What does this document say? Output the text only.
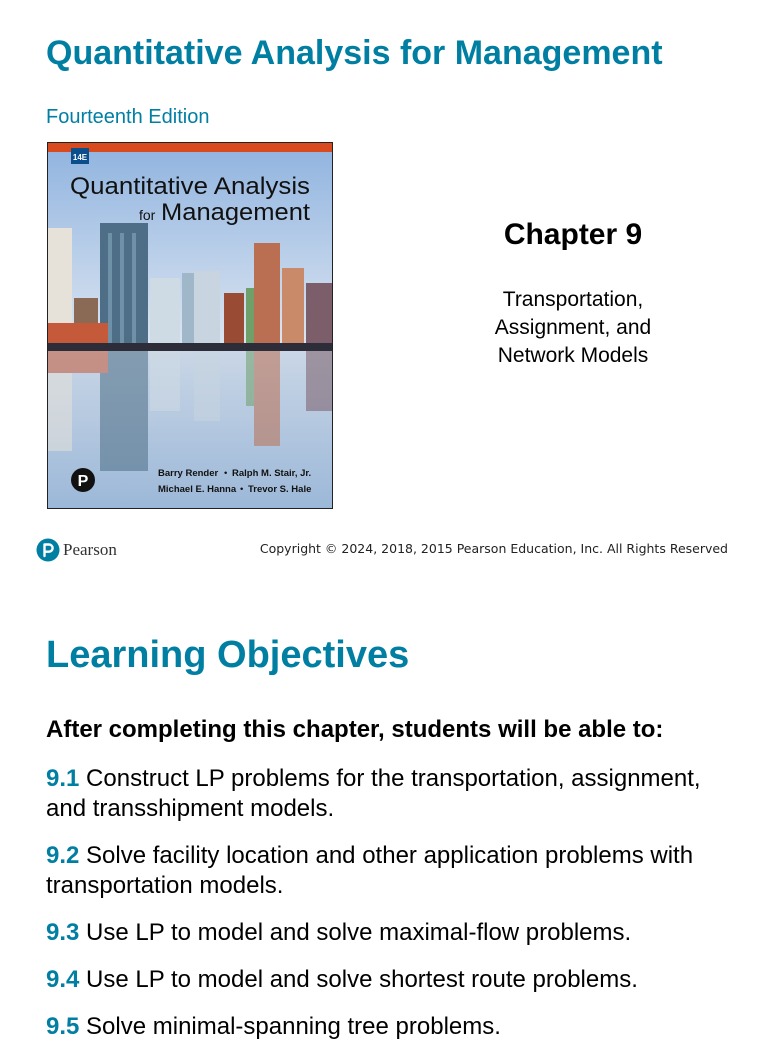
Quantitative Analysis for Management
Fourteenth Edition
14E
Quantitative Analysis
for Management
Barry Render • Ralph M. Stair, Jr.
Michael E. Hanna • Trevor S. Hale
P
Chapter 9
Transportation,
Assignment, and
Network Models
Pearson	Copyright © 2024, 2018, 2015 Pearson Education, Inc. All Rights Reserved
Learning Objectives
After completing this chapter, students will be able to:
9.1 Construct LP problems for the transportation, assignment, and transshipment models.
9.2 Solve facility location and other application problems with transportation models.
9.3 Use LP to model and solve maximal-flow problems.
9.4 Use LP to model and solve shortest route problems.
9.5 Solve minimal-spanning tree problems.
